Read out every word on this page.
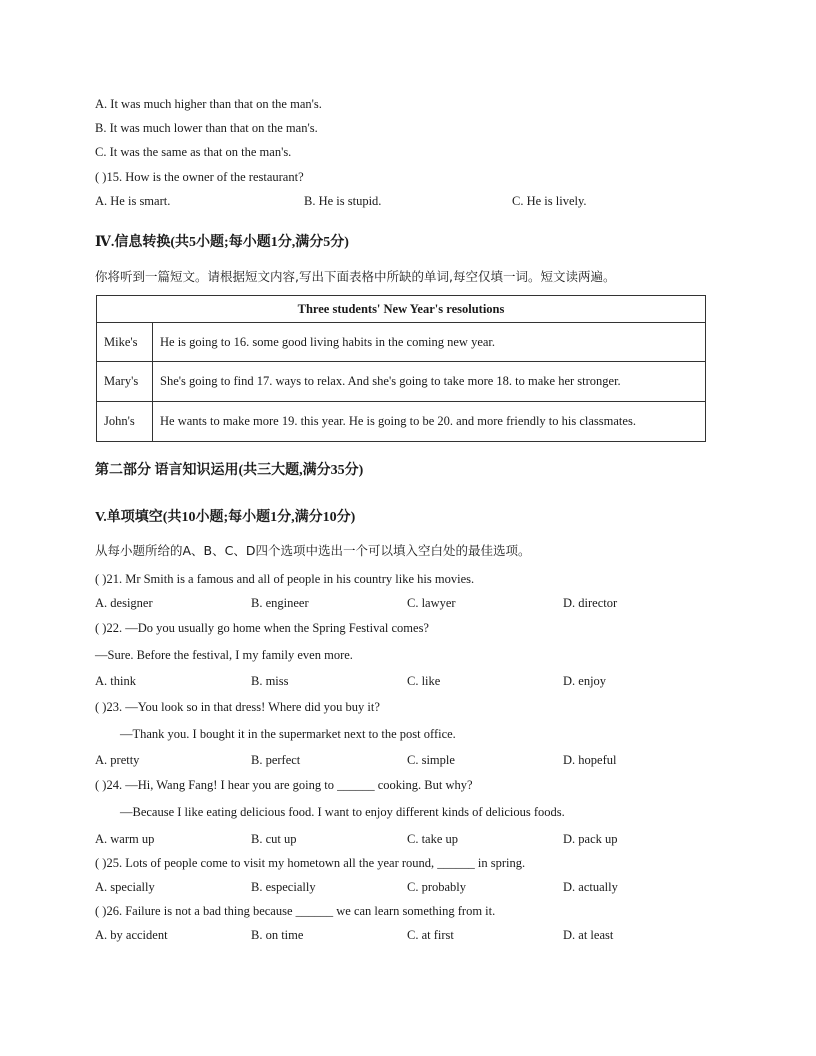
A. It was much higher than that on the man's.
B. It was much lower than that on the man's.
C. It was the same as that on the man's.
( )15. How is the owner of the restaurant?
A. He is smart.	B. He is stupid.	C. He is lively.
Ⅳ.信息转换(共5小题;每小题1分,满分5分)
你将听到一篇短文。请根据短文内容,写出下面表格中所缺的单词,每空仅填一词。短文读两遍。
Three students' New Year's resolutions	
Mike's	He is going to 16. some good living habits in the coming new year.
Mary's	She's going to find 17. ways to relax. And she's going to take more 18. to make her stronger.
John's	He wants to make more 19. this year. He is going to be 20. and more friendly to his classmates.
第二部分 语言知识运用(共三大题,满分35分)
V.单项填空(共10小题;每小题1分,满分10分)
从每小题所给的A、B、C、D四个选项中选出一个可以填入空白处的最佳选项。
( )21. Mr Smith is a famous and all of people in his country like his movies.
A. designer	B. engineer	C. lawyer	D. director
( )22. —Do you usually go home when the Spring Festival comes?
—Sure. Before the festival, I my family even more.
A. think	B. miss	C. like	D. enjoy
( )23. —You look so in that dress! Where did you buy it?
—Thank you. I bought it in the supermarket next to the post office.
A. pretty	B. perfect	C. simple	D. hopeful
( )24. —Hi, Wang Fang! I hear you are going to ______ cooking. But why?
—Because I like eating delicious food. I want to enjoy different kinds of delicious foods.
A. warm up	B. cut up	C. take up	D. pack up
( )25. Lots of people come to visit my hometown all the year round, ______ in spring.
A. specially	B. especially	C. probably	D. actually
( )26. Failure is not a bad thing because ______ we can learn something from it.
A. by accident	B. on time	C. at first	D. at least
